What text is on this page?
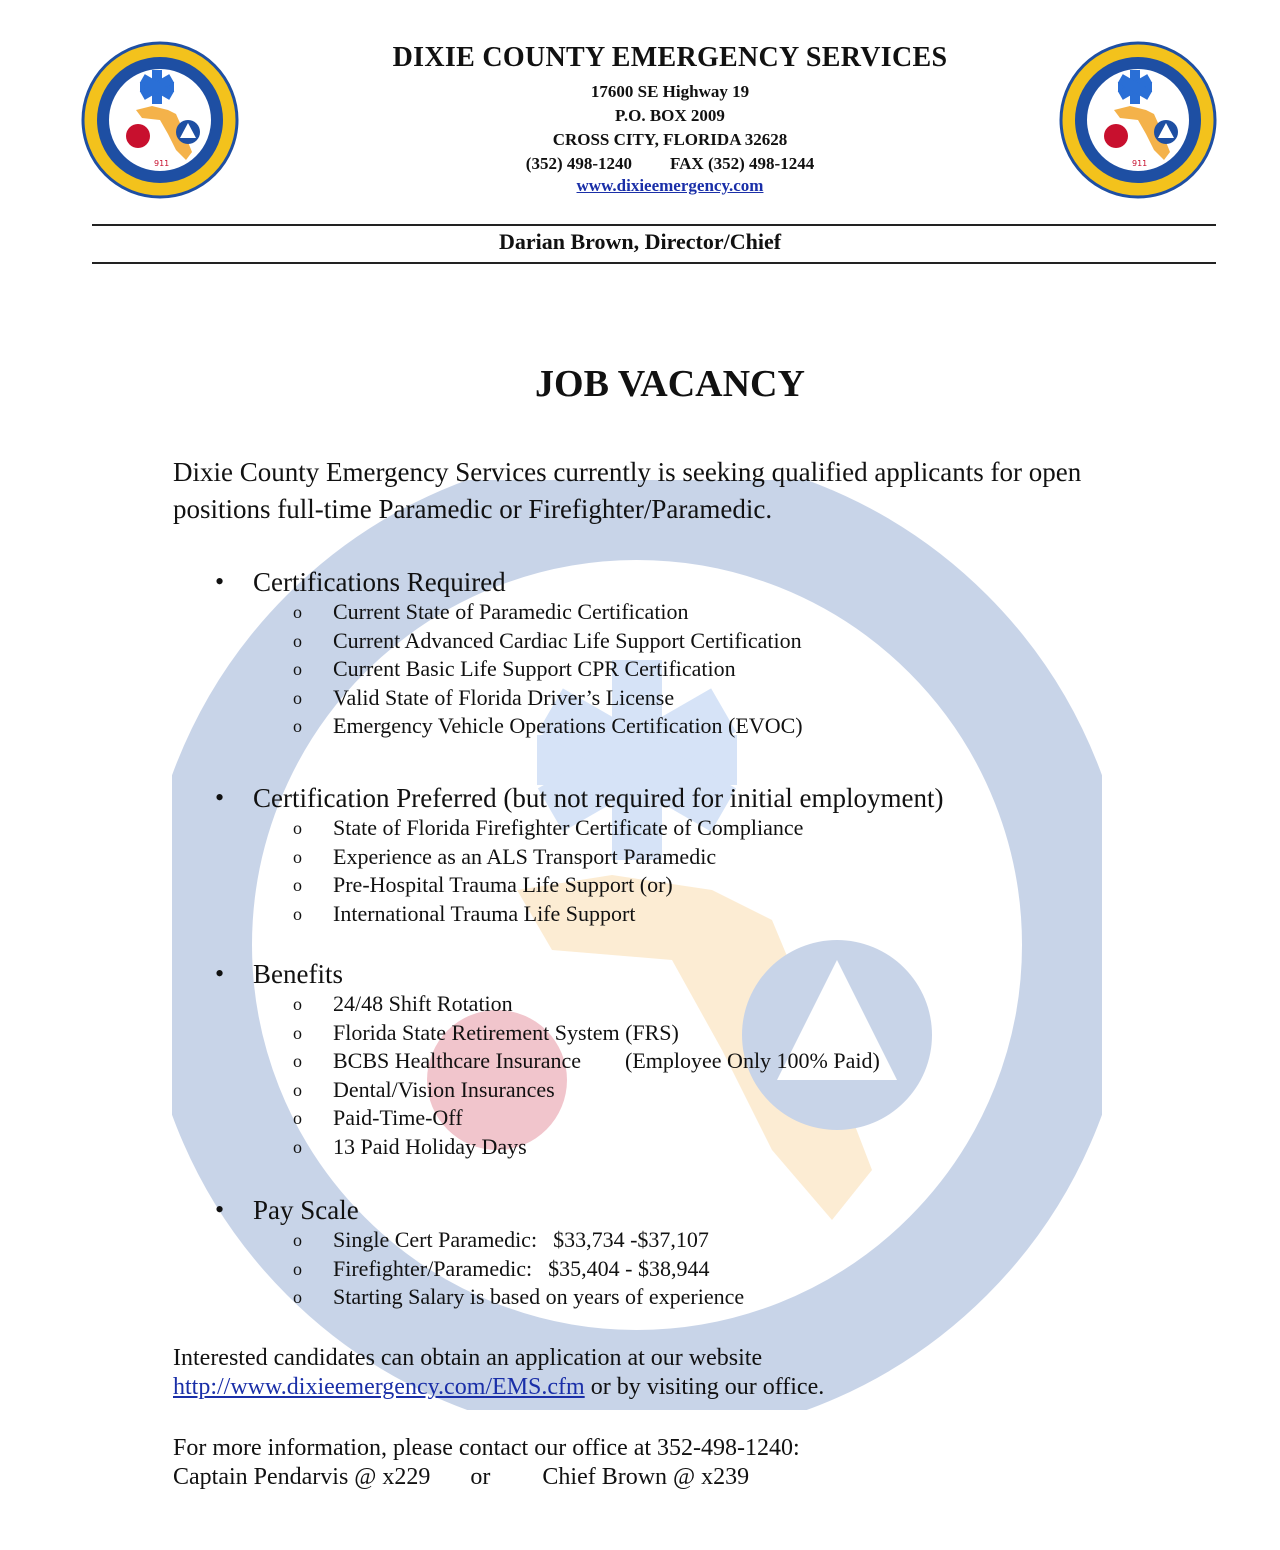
911	911
DIXIE COUNTY EMERGENCY SERVICES
17600 SE Highway 19
P.O. BOX 2009
CROSS CITY, FLORIDA 32628
(352) 498-1240 FAX (352) 498-1244
www.dixieemergency.com
Darian Brown, Director/Chief
JOB VACANCY
Dixie County Emergency Services currently is seeking qualified applicants for open positions full-time Paramedic or Firefighter/Paramedic.
• Certifications Required
o Current State of Paramedic Certification
o Current Advanced Cardiac Life Support Certification
o Current Basic Life Support CPR Certification
o Valid State of Florida Driver’s License
o Emergency Vehicle Operations Certification (EVOC)
• Certification Preferred (but not required for initial employment)
o State of Florida Firefighter Certificate of Compliance
o Experience as an ALS Transport Paramedic
o Pre-Hospital Trauma Life Support (or)
o International Trauma Life Support
• Benefits
o 24/48 Shift Rotation
o Florida State Retirement System (FRS)
o BCBS Healthcare Insurance (Employee Only 100% Paid)
o Dental/Vision Insurances
o Paid-Time-Off
o 13 Paid Holiday Days
• Pay Scale
o Single Cert Paramedic: $33,734 -$37,107
o Firefighter/Paramedic: $35,404 - $38,944
o Starting Salary is based on years of experience
Interested candidates can obtain an application at our website
http://www.dixieemergency.com/EMS.cfm or by visiting our office.
For more information, please contact our office at 352-498-1240:
Captain Pendarvis @ x229 or Chief Brown @ x239
